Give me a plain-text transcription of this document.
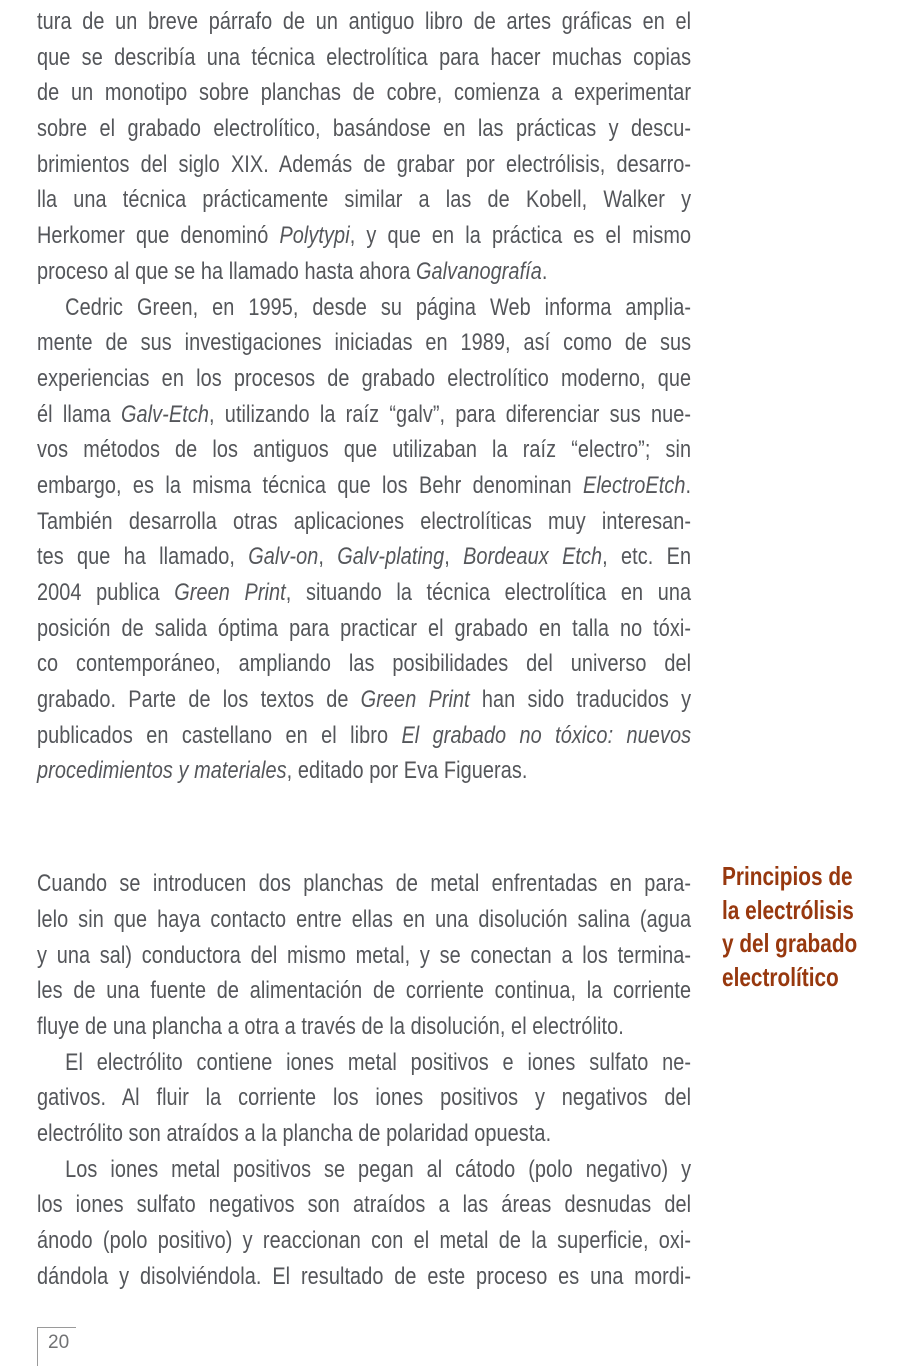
tura de un breve párrafo de un antiguo libro de artes gráficas en el
que se describía una técnica electrolítica para hacer muchas copias
de un monotipo sobre planchas de cobre, comienza a experimentar
sobre el grabado electrolítico, basándose en las prácticas y descu-
brimientos del siglo XIX. Además de grabar por electrólisis, desarro-
lla una técnica prácticamente similar a las de Kobell, Walker y
Herkomer que denominó Polytypi, y que en la práctica es el mismo
proceso al que se ha llamado hasta ahora Galvanografía.
Cedric Green, en 1995, desde su página Web informa amplia-
mente de sus investigaciones iniciadas en 1989, así como de sus
experiencias en los procesos de grabado electrolítico moderno, que
él llama Galv-Etch, utilizando la raíz “galv”, para diferenciar sus nue-
vos métodos de los antiguos que utilizaban la raíz “electro”; sin
embargo, es la misma técnica que los Behr denominan ElectroEtch.
También desarrolla otras aplicaciones electrolíticas muy interesan-
tes que ha llamado, Galv-on, Galv-plating, Bordeaux Etch, etc. En
2004 publica Green Print, situando la técnica electrolítica en una
posición de salida óptima para practicar el grabado en talla no tóxi-
co contemporáneo, ampliando las posibilidades del universo del
grabado. Parte de los textos de Green Print han sido traducidos y
publicados en castellano en el libro El grabado no tóxico: nuevos
procedimientos y materiales, editado por Eva Figueras.
Cuando se introducen dos planchas de metal enfrentadas en para-
lelo sin que haya contacto entre ellas en una disolución salina (agua
y una sal) conductora del mismo metal, y se conectan a los termina-
les de una fuente de alimentación de corriente continua, la corriente
fluye de una plancha a otra a través de la disolución, el electrólito.
El electrólito contiene iones metal positivos e iones sulfato ne-
gativos. Al fluir la corriente los iones positivos y negativos del
electrólito son atraídos a la plancha de polaridad opuesta.
Los iones metal positivos se pegan al cátodo (polo negativo) y
los iones sulfato negativos son atraídos a las áreas desnudas del
ánodo (polo positivo) y reaccionan con el metal de la superficie, oxi-
dándola y disolviéndola. El resultado de este proceso es una mordi-
Principios de
la electrólisis
y del grabado
electrolítico
20
